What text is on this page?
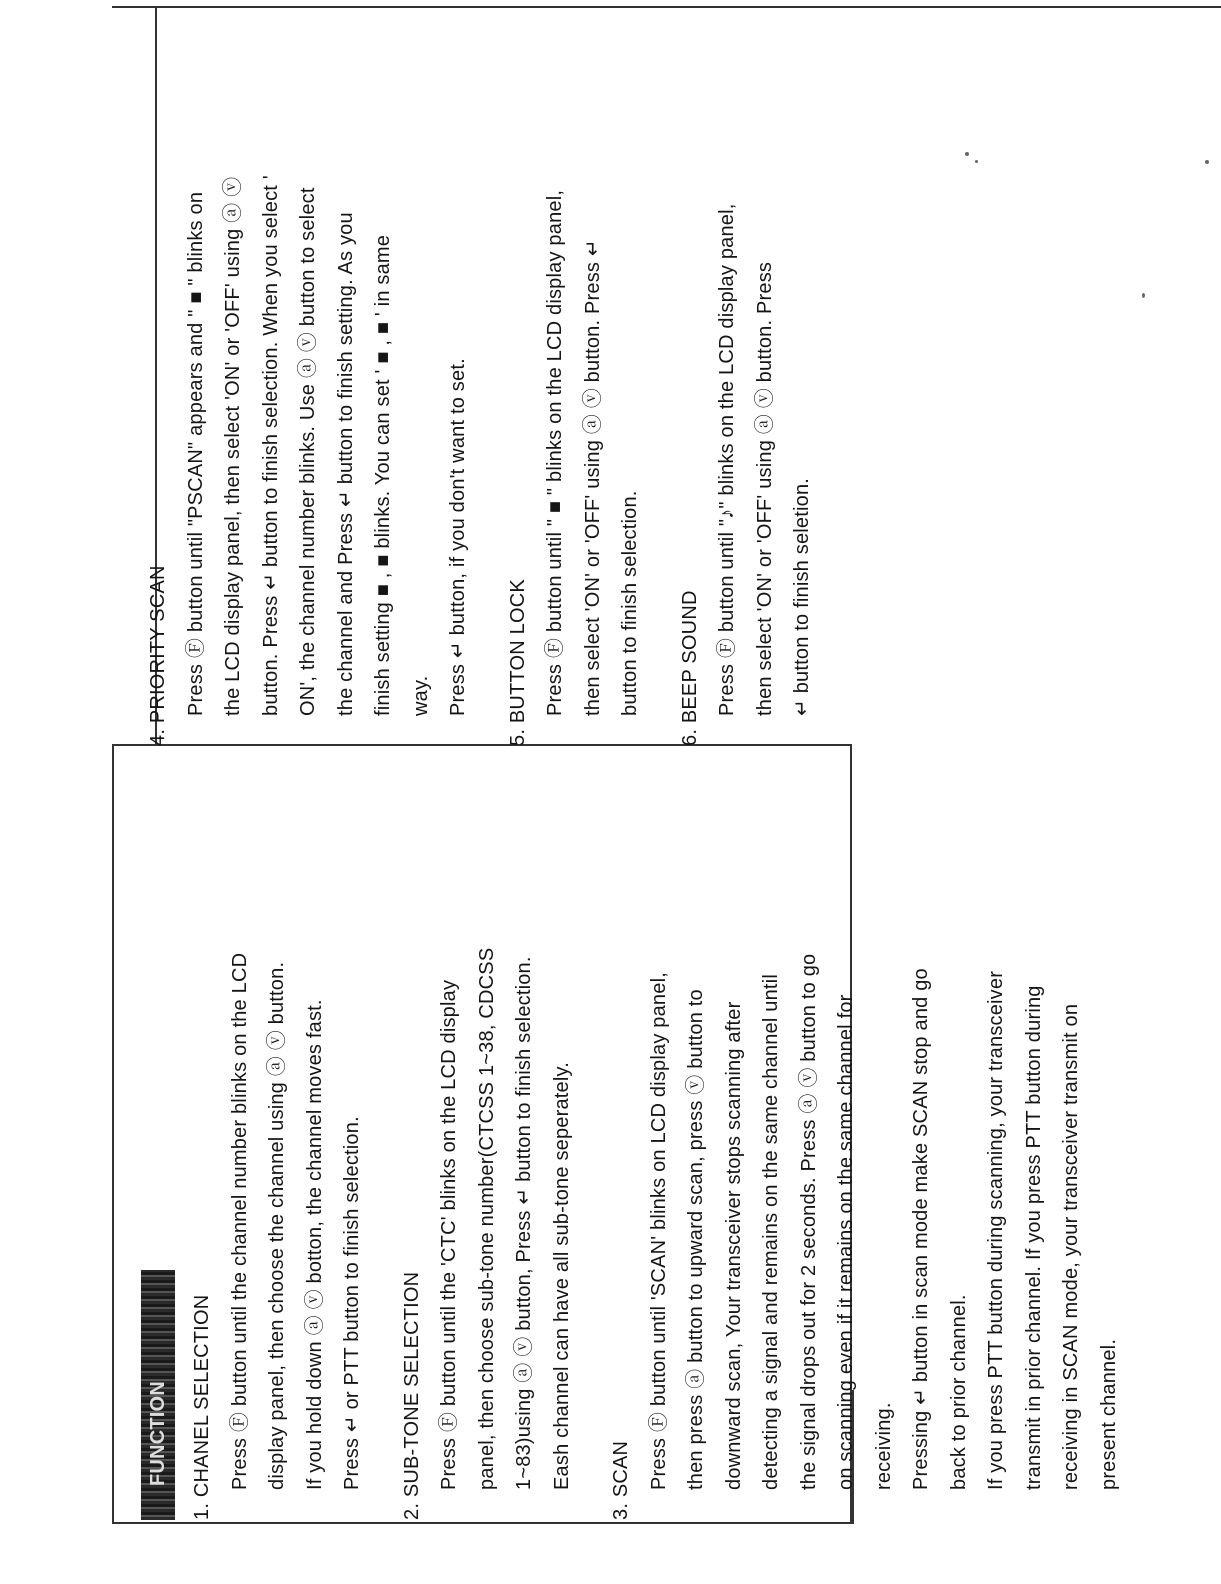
4. PRIORITY SCAN Press Ⓕ button until "PSCAN" appears and " ■ " blinks on the LCD display panel, then select 'ON' or 'OFF' using ⓐ ⓥ button. Press ↵ button to finish selection. When you select ' ON', the channel number blinks. Use ⓐ ⓥ button to select the channel and Press ↵ button to finish setting. As you finish setting ■ , ■ blinks. You can set ' ■ , ■ ' in same way. Press ↵ button, if you don't want to set.	5. BUTTON LOCK Press Ⓕ button until " ■ " blinks on the LCD display panel, then select 'ON' or 'OFF' using ⓐ ⓥ button. Press ↵ button to finish selection.	6. BEEP SOUND Press Ⓕ button until "♪" blinks on the LCD display panel, then select 'ON' or 'OFF' using ⓐ ⓥ button. Press ↵ button to finish seletion.
FUNCTION	1. CHANEL SELECTION Press Ⓕ button until the channel number blinks on the LCD display panel, then choose the channel using ⓐ ⓥ button. If you hold down ⓐ ⓥ botton, the channel moves fast. Press ↵ or PTT button to finish selection.	2. SUB-TONE SELECTION Press Ⓕ button until the 'CTC' blinks on the LCD display panel, then choose sub-tone number(CTCSS 1~38, CDCSS 1~83)using ⓐ ⓥ button, Press ↵ button to finish selection. Eash channel can have all sub-tone seperately.	3. SCAN Press Ⓕ button until 'SCAN' blinks on LCD display panel, then press ⓐ button to upward scan, press ⓥ button to downward scan, Your transceiver stops scanning after detecting a signal and remains on the same channel until the signal drops out for 2 seconds. Press ⓐ ⓥ button to go on scanning even if it remains on the same channel for receiving. Pressing ↵ button in scan mode make SCAN stop and go back to prior channel. If you press PTT button during scanning, your transceiver transmit in prior channel. If you press PTT button during receiving in SCAN mode, your transceiver transmit on present channel.
